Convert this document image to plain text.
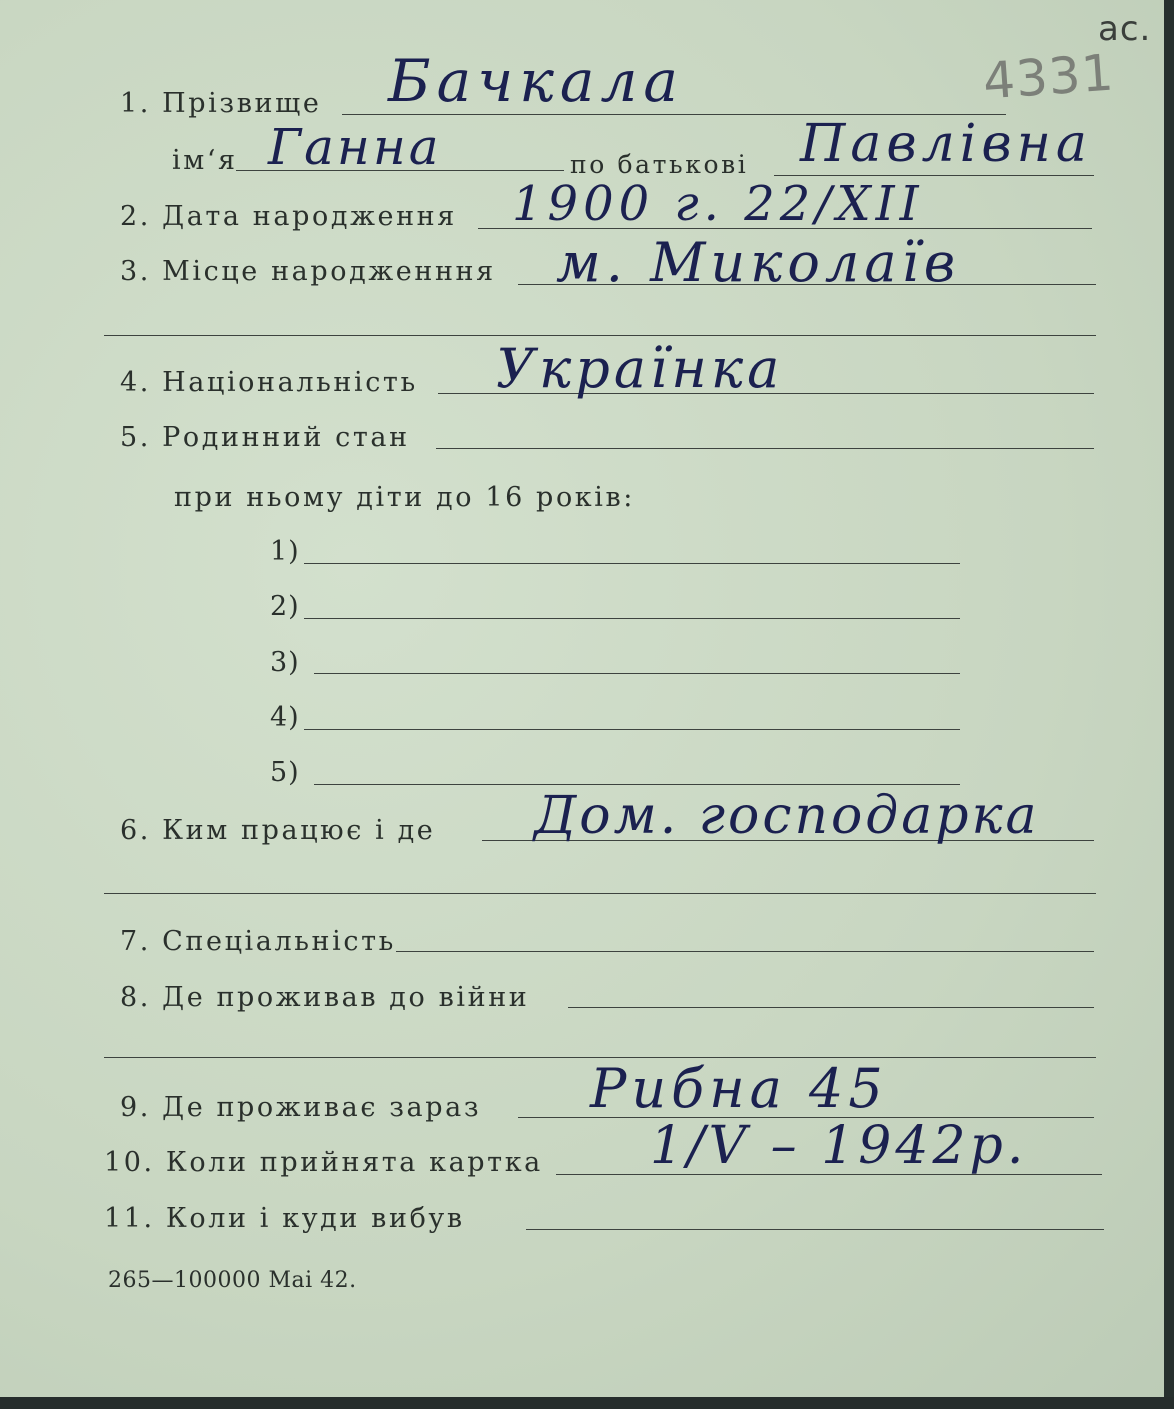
ас.
4331
1. Прізвище Бачкала
ім‘я Ганна	по батькові Павлівна
2. Дата народження 1900 г. 22/XII
3. Місце народженння м. Миколаїв
4. Національність Українка
5. Родинний стан
при ньому діти до 16 років:
1)
2)
3)
4)
5)
6. Ким працює і де Дом. господарка
7. Спеціальність
8. Де проживав до війни
9. Де проживає зараз Рибна 45
10. Коли прийнята картка 1/V – 1942р.
11. Коли і куди вибув
265—100000 Mai 42.
